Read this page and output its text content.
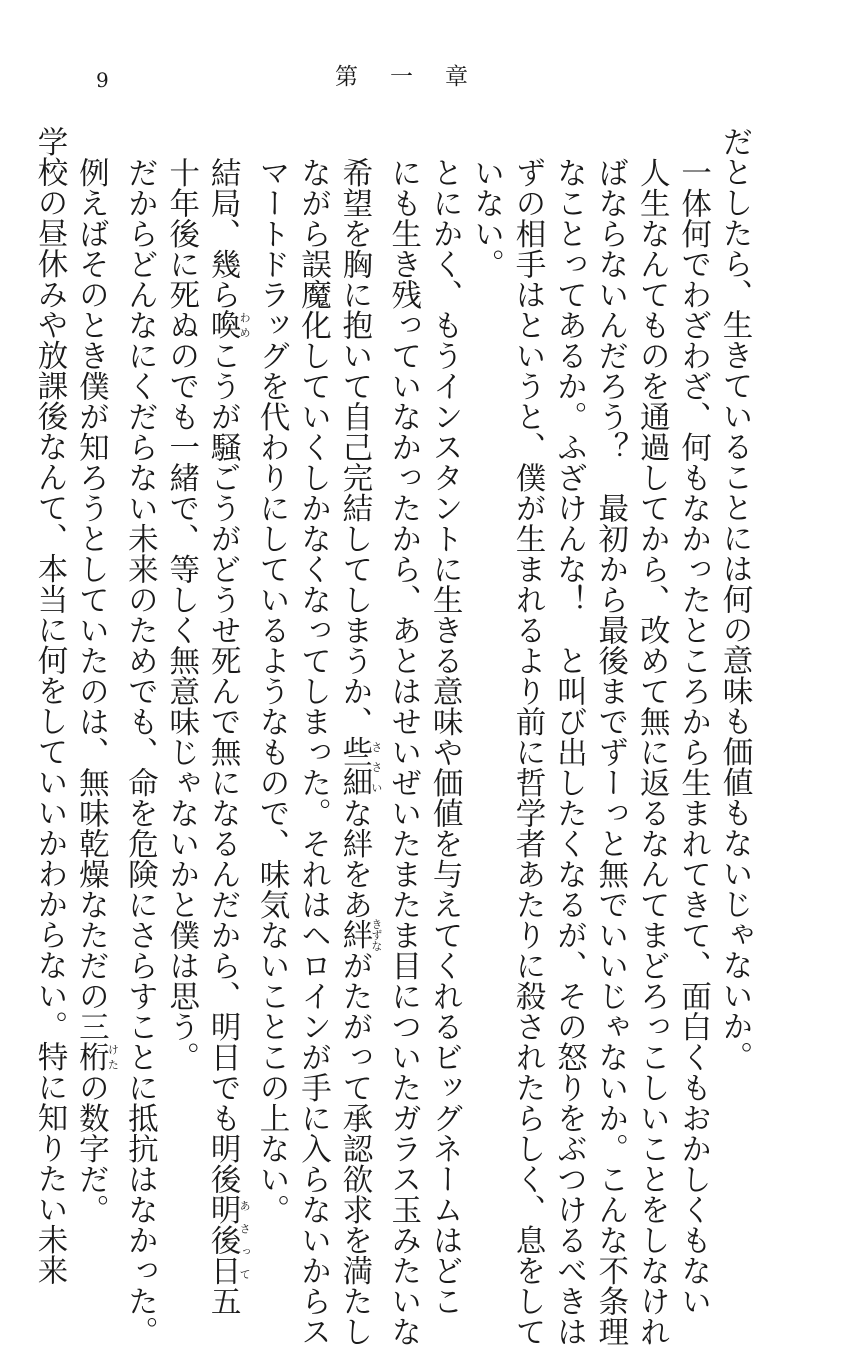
9	第一章

だとしたら、生きていることには何の意味も価値もないじゃないか。

一体何でわざわざ、何もなかったところから生まれてきて、面白くもおかしくもない
人生なんてものを通過してから、改めて無に返るなんてまどろっこしいことをしなけれ
ばならないんだろう？　最初から最後までずーっと無でいいじゃないか。こんな不条理
なことってあるか。ふざけんな！　と叫び出したくなるが、その怒りをぶつけるべきは
ずの相手はというと、僕が生まれるより前に哲学者あたりに殺されたらしく、息をして
いない。

とにかく、もうインスタントに生きる意味や価値を与えてくれるビッグネームはどこ
にも生き残っていなかったから、あとはせいぜいたまたま目についたガラス玉みたいな
希望を胸に抱いて自己完結してしまうか、些細ささいな絆をあ絆きずながたがって承認欲求を満たし
ながら誤魔化していくしかなくなってしまった。それはヘロインが手に入らないからス
マートドラッグを代わりにしているようなもので、味気ないことこの上ない。

結局、幾ら喚わめこうが騒ごうがどうせ死んで無になるんだから、明日でも明後明後日あさって五
十年後に死ぬのでも一緒で、等しく無意味じゃないかと僕は思う。

だからどんなにくだらない未来のためでも、命を危険にさらすことに抵抗はなかった。
例えばそのとき僕が知ろうとしていたのは、無味乾燥なただの三桁けたの数字だ。

学校の昼休みや放課後なんて、本当に何をしていいかわからない。特に知りたい未来
